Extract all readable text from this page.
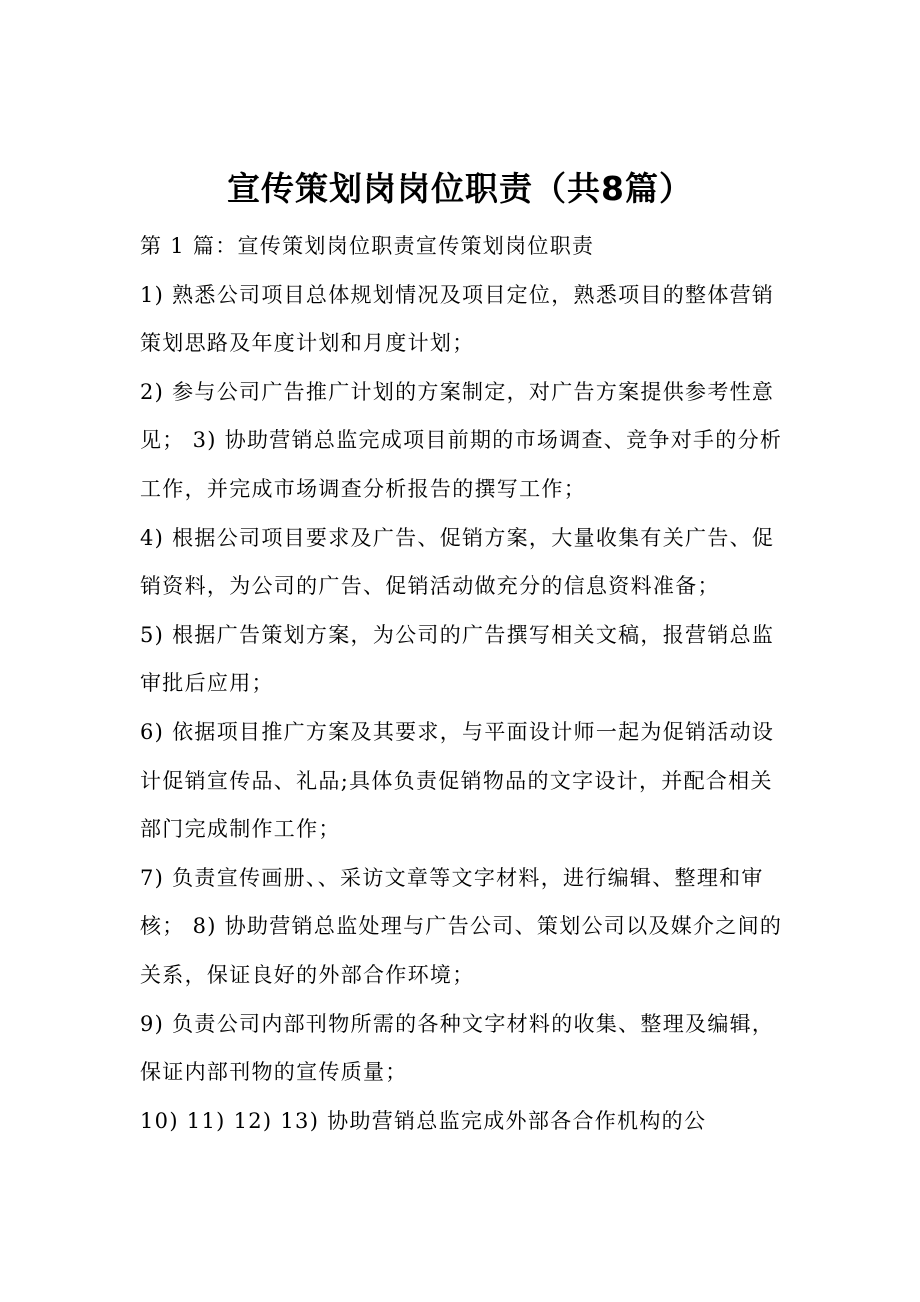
宣传策划岗岗位职责（共8篇）

第 1 篇：宣传策划岗位职责宣传策划岗位职责

1) 熟悉公司项目总体规划情况及项目定位，熟悉项目的整体营销策划思路及年度计划和月度计划；

2) 参与公司广告推广计划的方案制定，对广告方案提供参考性意见； 3) 协助营销总监完成项目前期的市场调查、竞争对手的分析工作，并完成市场调查分析报告的撰写工作；

4) 根据公司项目要求及广告、促销方案，大量收集有关广告、促销资料，为公司的广告、促销活动做充分的信息资料准备；

5) 根据广告策划方案，为公司的广告撰写相关文稿，报营销总监审批后应用；

6) 依据项目推广方案及其要求，与平面设计师一起为促销活动设计促销宣传品、礼品;具体负责促销物品的文字设计，并配合相关部门完成制作工作；

7) 负责宣传画册、、采访文章等文字材料，进行编辑、整理和审核； 8) 协助营销总监处理与广告公司、策划公司以及媒介之间的关系，保证良好的外部合作环境；

9) 负责公司内部刊物所需的各种文字材料的收集、整理及编辑，保证内部刊物的宣传质量；

10) 11) 12) 13) 协助营销总监完成外部各合作机构的公
